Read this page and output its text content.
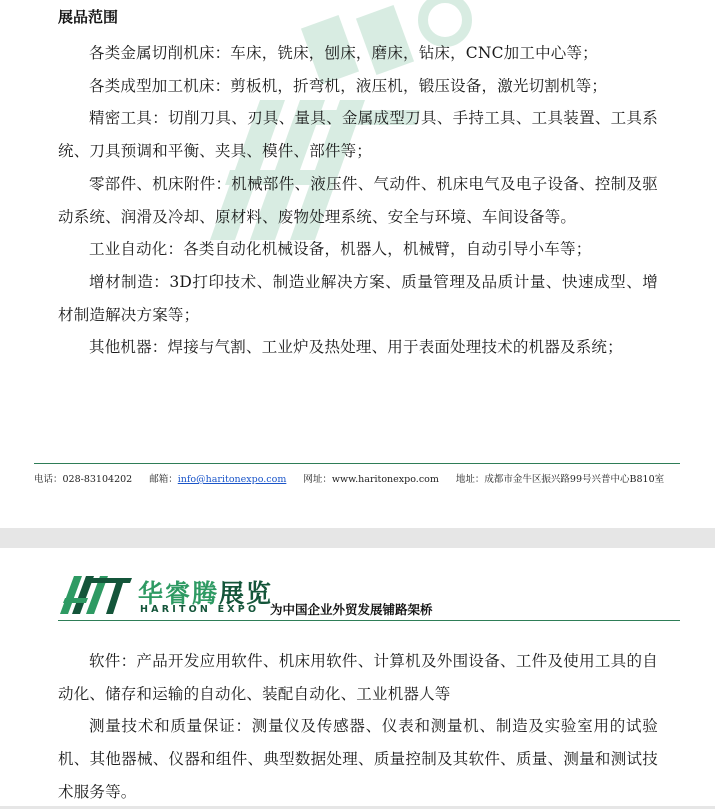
展品范围

各类金属切削机床：车床，铣床，刨床，磨床，钻床，CNC加工中心等；

各类成型加工机床：剪板机，折弯机，液压机，锻压设备，激光切割机等；

精密工具：切削刀具、刃具、量具、金属成型刀具、手持工具、工具装置、工具系统、刀具预调和平衡、夹具、模件、部件等；

零部件、机床附件：机械部件、液压件、气动件、机床电气及电子设备、控制及驱动系统、润滑及冷却、原材料、废物处理系统、安全与环境、车间设备等。

工业自动化：各类自动化机械设备，机器人，机械臂，自动引导小车等；

增材制造：3D打印技术、制造业解决方案、质量管理及品质计量、快速成型、增材制造解决方案等；

其他机器：焊接与气割、工业炉及热处理、用于表面处理技术的机器及系统；

电话：028-83104202 邮箱：info@haritonexpo.com 网址：www.haritonexpo.com 地址：成都市金牛区振兴路99号兴普中心B810室
华睿腾展览
HARITON EXPO 为中国企业外贸发展铺路架桥

软件：产品开发应用软件、机床用软件、计算机及外围设备、工件及使用工具的自动化、储存和运输的自动化、装配自动化、工业机器人等

测量技术和质量保证：测量仪及传感器、仪表和测量机、制造及实验室用的试验机、其他器械、仪器和组件、典型数据处理、质量控制及其软件、质量、测量和测试技术服务等。
